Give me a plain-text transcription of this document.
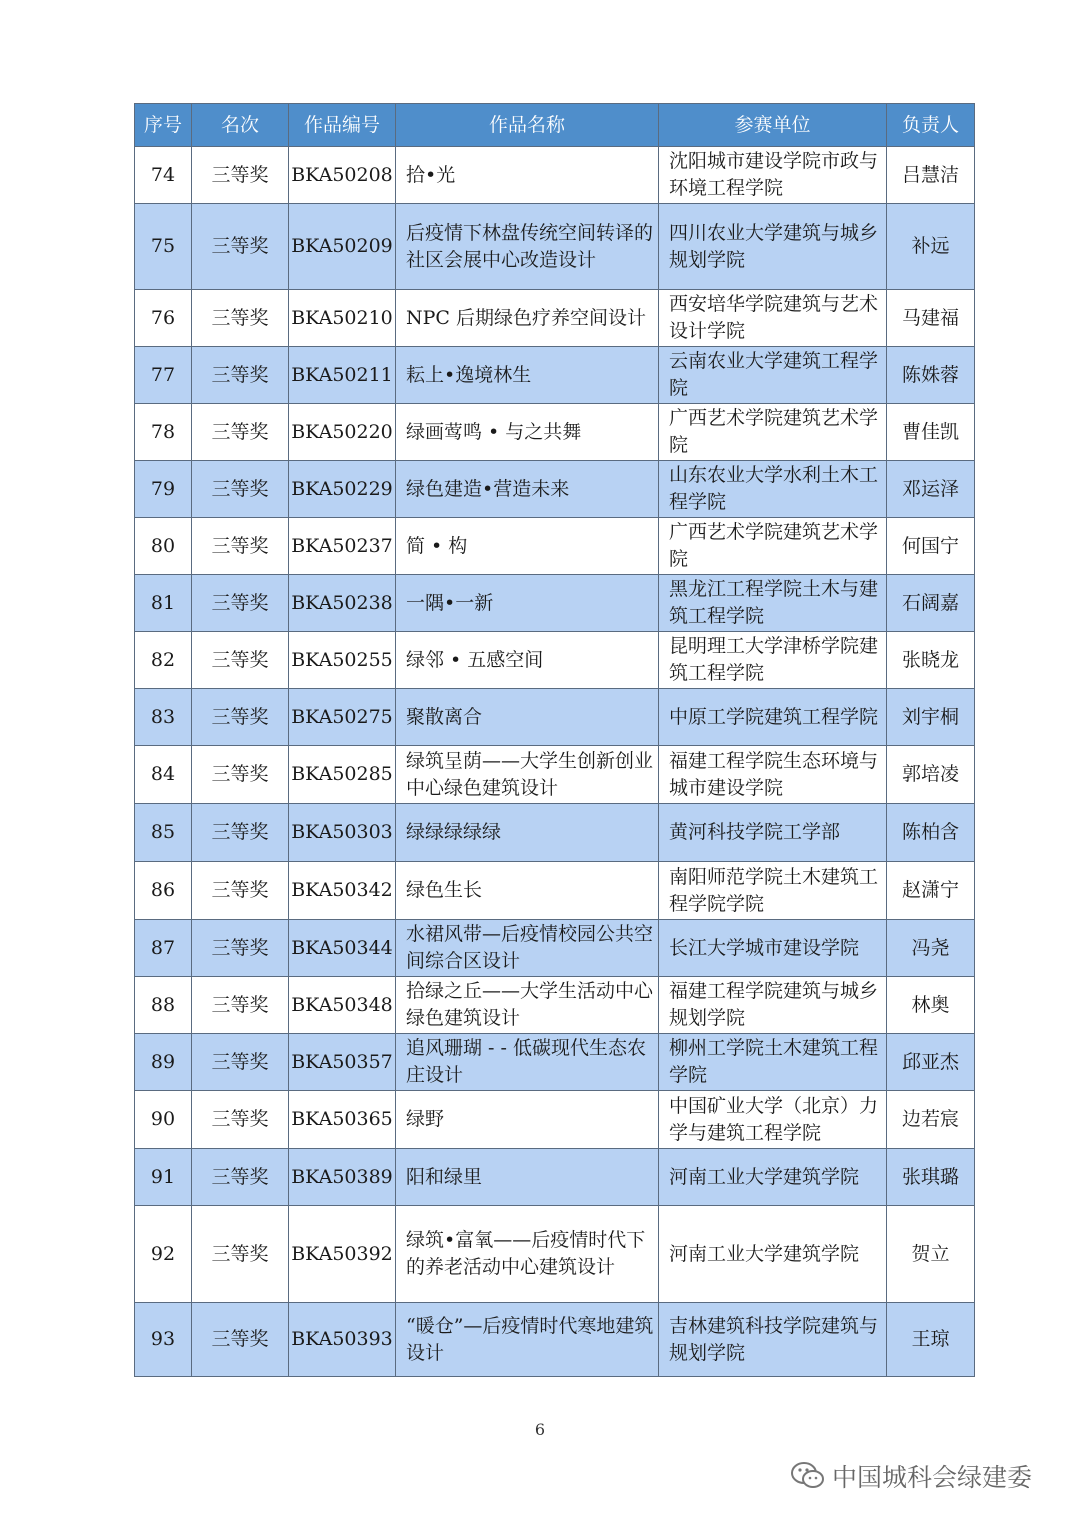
序号	名次	作品编号	作品名称	参赛单位	负责人
74	三等奖	BKA50208	拾•光	沈阳城市建设学院市政与环境工程学院	吕慧洁
75	三等奖	BKA50209	后疫情下林盘传统空间转译的社区会展中心改造设计	四川农业大学建筑与城乡规划学院	补远
76	三等奖	BKA50210	NPC 后期绿色疗养空间设计	西安培华学院建筑与艺术设计学院	马建福
77	三等奖	BKA50211	耘上•逸境林生	云南农业大学建筑工程学院	陈姝蓉
78	三等奖	BKA50220	绿画莺鸣 • 与之共舞	广西艺术学院建筑艺术学院	曹佳凯
79	三等奖	BKA50229	绿色建造•营造未来	山东农业大学水利土木工程学院	邓运泽
80	三等奖	BKA50237	简 • 构	广西艺术学院建筑艺术学院	何国宁
81	三等奖	BKA50238	一隅•一新	黑龙江工程学院土木与建筑工程学院	石阔嘉
82	三等奖	BKA50255	绿邻 • 五感空间	昆明理工大学津桥学院建筑工程学院	张晓龙
83	三等奖	BKA50275	聚散离合	中原工学院建筑工程学院	刘宇桐
84	三等奖	BKA50285	绿筑呈荫——大学生创新创业中心绿色建筑设计	福建工程学院生态环境与城市建设学院	郭培凌
85	三等奖	BKA50303	绿绿绿绿绿	黄河科技学院工学部	陈柏含
86	三等奖	BKA50342	绿色生长	南阳师范学院土木建筑工程学院学院	赵潇宁
87	三等奖	BKA50344	水裙风带—后疫情校园公共空间综合区设计	长江大学城市建设学院	冯尧
88	三等奖	BKA50348	拾绿之丘——大学生活动中心绿色建筑设计	福建工程学院建筑与城乡规划学院	林奥
89	三等奖	BKA50357	追风珊瑚 - - 低碳现代生态农庄设计	柳州工学院土木建筑工程学院	邱亚杰
90	三等奖	BKA50365	绿野	中国矿业大学（北京）力学与建筑工程学院	边若宸
91	三等奖	BKA50389	阳和绿里	河南工业大学建筑学院	张琪璐
92	三等奖	BKA50392	绿筑•富氧——后疫情时代下的养老活动中心建筑设计	河南工业大学建筑学院	贺立
93	三等奖	BKA50393	“暖仓”—后疫情时代寒地建筑设计	吉林建筑科技学院建筑与规划学院	王琼
6
中国城科会绿建委
